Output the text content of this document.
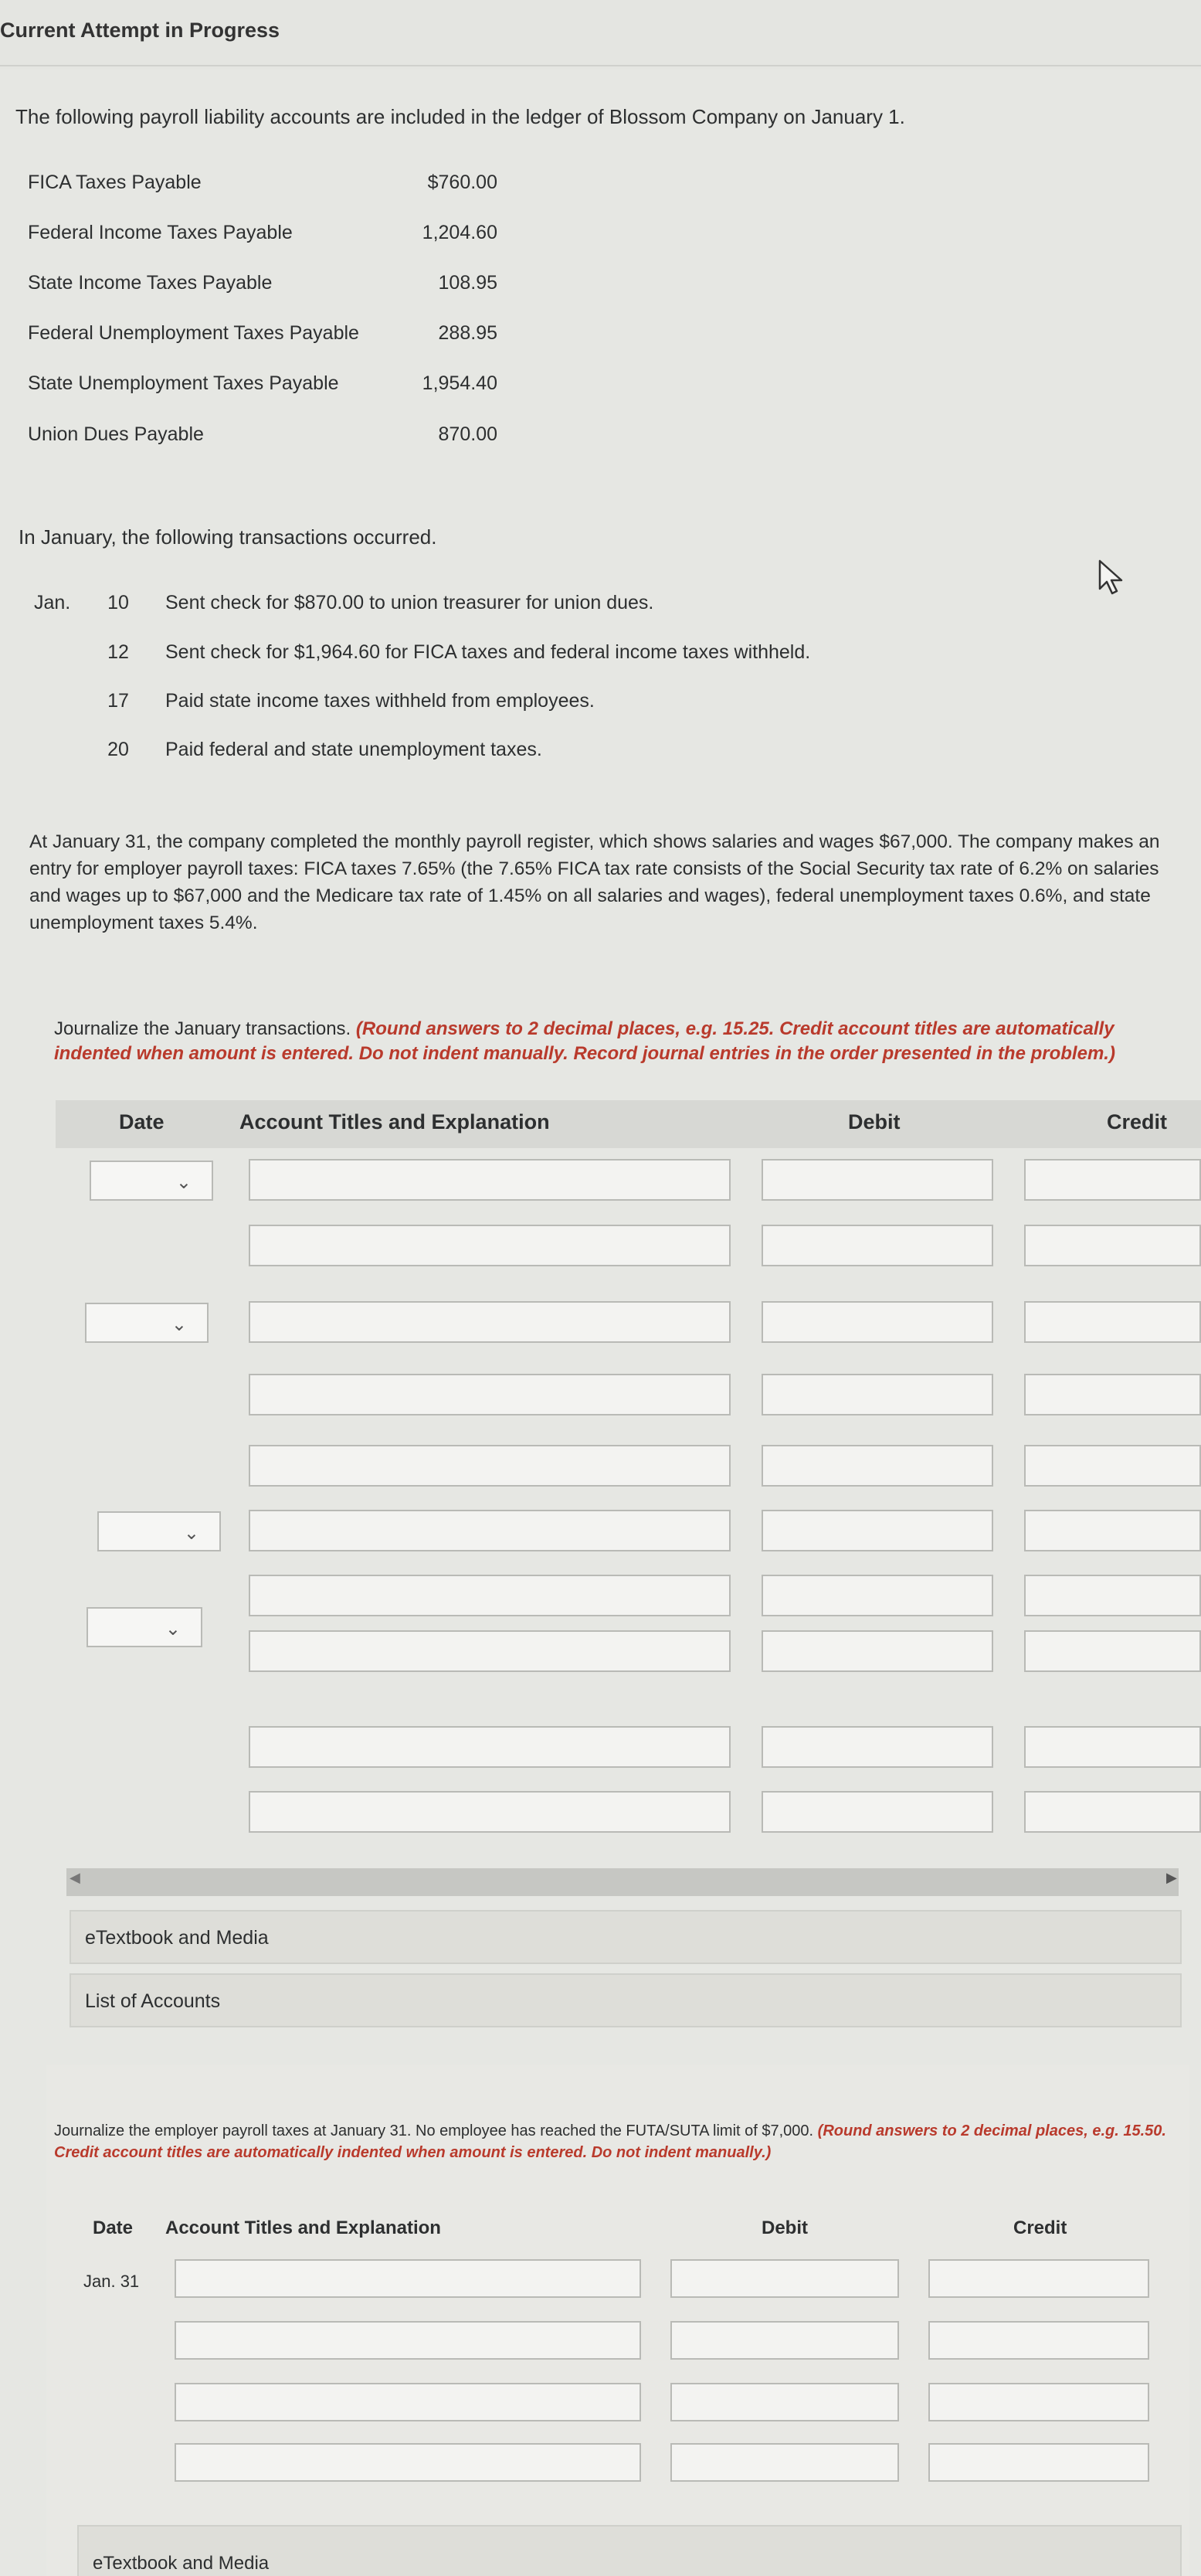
Current Attempt in Progress
The following payroll liability accounts are included in the ledger of Blossom Company on January 1.
FICA Taxes Payable	$760.00
Federal Income Taxes Payable	1,204.60
State Income Taxes Payable	108.95
Federal Unemployment Taxes Payable	288.95
State Unemployment Taxes Payable	1,954.40
Union Dues Payable	870.00
In January, the following transactions occurred.
Jan.	10	Sent check for $870.00 to union treasurer for union dues.
12	Sent check for $1,964.60 for FICA taxes and federal income taxes withheld.
17	Paid state income taxes withheld from employees.
20	Paid federal and state unemployment taxes.
At January 31, the company completed the monthly payroll register, which shows salaries and wages $67,000. The company makes an entry for employer payroll taxes: FICA taxes 7.65% (the 7.65% FICA tax rate consists of the Social Security tax rate of 6.2% on salaries and wages up to $67,000 and the Medicare tax rate of 1.45% on all salaries and wages), federal unemployment taxes 0.6%, and state unemployment taxes 5.4%.
Journalize the January transactions. (Round answers to 2 decimal places, e.g. 15.25. Credit account titles are automatically indented when amount is entered. Do not indent manually. Record journal entries in the order presented in the problem.)
Date	Account Titles and Explanation	Debit	Credit
⌄
⌄
⌄
⌄
◀	▶
eTextbook and Media
List of Accounts
Journalize the employer payroll taxes at January 31. No employee has reached the FUTA/SUTA limit of $7,000. (Round answers to 2 decimal places, e.g. 15.50. Credit account titles are automatically indented when amount is entered. Do not indent manually.)
Date Account Titles and Explanation	Debit	Credit
Jan. 31
eTextbook and Media
